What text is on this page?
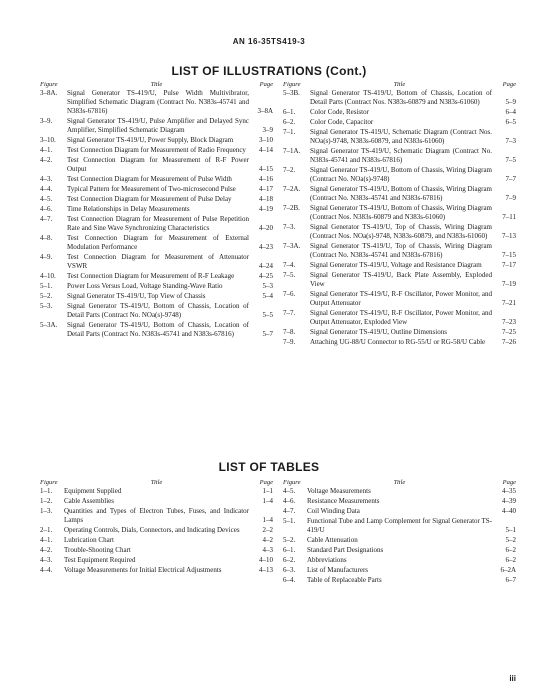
AN 16-35TS419-3
LIST OF ILLUSTRATIONS (Cont.)
Figure	Title	Page
3–8A. Signal Generator TS-419/U, Pulse Width Multivibrator, Simplified Schematic Diagram (Contract No. N383s-45741 and N383s-67816)	3–8A
3–9. Signal Generator TS-419/U, Pulse Amplifier and Delayed Sync Amplifier, Simplified Schematic Diagram	3–9
3–10. Signal Generator TS-419/U, Power Supply, Block Diagram	3–10
4–1. Test Connection Diagram for Measurement of Radio Frequency	4–14
4–2. Test Connection Diagram for Measurement of R-F Power Output	4–15
4–3. Test Connection Diagram for Measurement of Pulse Width	4–16
4–4. Typical Pattern for Measurement of Two-microsecond Pulse	4–17
4–5. Test Connection Diagram for Measurement of Pulse Delay	4–18
4–6. Time Relationships in Delay Measurements	4–19
4–7. Test Connection Diagram for Measurement of Pulse Repetition Rate and Sine Wave Synchronizing Characteristics	4–20
4–8. Test Connection Diagram for Measurement of External Modulation Performance	4–23
4–9. Test Connection Diagram for Measurement of Attenuator VSWR	4–24
4–10. Test Connection Diagram for Measurement of R-F Leakage	4–25
5–1. Power Loss Versus Load, Voltage Standing-Wave Ratio	5–3
5–2. Signal Generator TS-419/U, Top View of Chassis	5–4
5–3. Signal Generator TS-419/U, Bottom of Chassis, Location of Detail Parts (Contract No. NOa(s)-9748)	5–5
5–3A. Signal Generator TS-419/U, Bottom of Chassis, Location of Detail Parts (Contract No. N383s-45741 and N383s-67816)	5–7
Figure	Title	Page
5–3B. Signal Generator TS-419/U, Bottom of Chassis, Location of Detail Parts (Contract Nos. N383s-60879 and N383s-61060)	5–9
6–1. Color Code, Resistor	6–4
6–2. Color Code, Capacitor	6–5
7–1. Signal Generator TS-419/U, Schematic Diagram (Contract Nos. NOa(s)-9748, N383s-60879, and N383s-61060)	7–3
7–1A. Signal Generator TS-419/U, Schematic Diagram (Contract No. N383s-45741 and N383s-67816)	7–5
7–2. Signal Generator TS-419/U, Bottom of Chassis, Wiring Diagram (Contract No. NOa(s)-9748)	7–7
7–2A. Signal Generator TS-419/U, Bottom of Chassis, Wiring Diagram (Contract No. N383s-45741 and N383s-67816)	7–9
7–2B. Signal Generator TS-419/U, Bottom of Chassis, Wiring Diagram (Contract Nos. N383s-60879 and N383s-61060)	7–11
7–3. Signal Generator TS-419/U, Top of Chassis, Wiring Diagram (Contract Nos. NOa(s)-9748, N383s-60879, and N383s-61060)	7–13
7–3A. Signal Generator TS-419/U, Top of Chassis, Wiring Diagram (Contract No. N383s-45741 and N383s-67816)	7–15
7–4. Signal Generator TS-419/U, Voltage and Resistance Diagram	7–17
7–5. Signal Generator TS-419/U, Back Plate Assembly, Exploded View	7–19
7–6. Signal Generator TS-419/U, R-F Oscillator, Power Monitor, and Output Attenuator	7–21
7–7. Signal Generator TS-419/U, R-F Oscillator, Power Monitor, and Output Attenuator, Exploded View	7–23
7–8. Signal Generator TS-419/U, Outline Dimensions	7–25
7–9. Attaching UG-88/U Connector to RG-55/U or RG-58/U Cable	7–26
LIST OF TABLES
Figure	Title	Page
1–1. Equipment Supplied	1–1
1–2. Cable Assemblies	1–4
1–3. Quantities and Types of Electron Tubes, Fuses, and Indicator Lamps	1–4
2–1. Operating Controls, Dials, Connectors, and Indicating Devices	2–2
4–1. Lubrication Chart	4–2
4–2. Trouble-Shooting Chart	4–3
4–3. Test Equipment Required	4–10
4–4. Voltage Measurements for Initial Electrical Adjustments	4–13
Figure	Title	Page
4–5. Voltage Measurements	4–35
4–6. Resistance Measurements	4–39
4–7. Coil Winding Data	4–40
5–1. Functional Tube and Lamp Complement for Signal Generator TS-419/U	5–1
5–2. Cable Attenuation	5–2
6–1. Standard Part Designations	6–2
6–2. Abbreviations	6–2
6–3. List of Manufacturers	6–2A
6–4. Table of Replaceable Parts	6–7
iii
